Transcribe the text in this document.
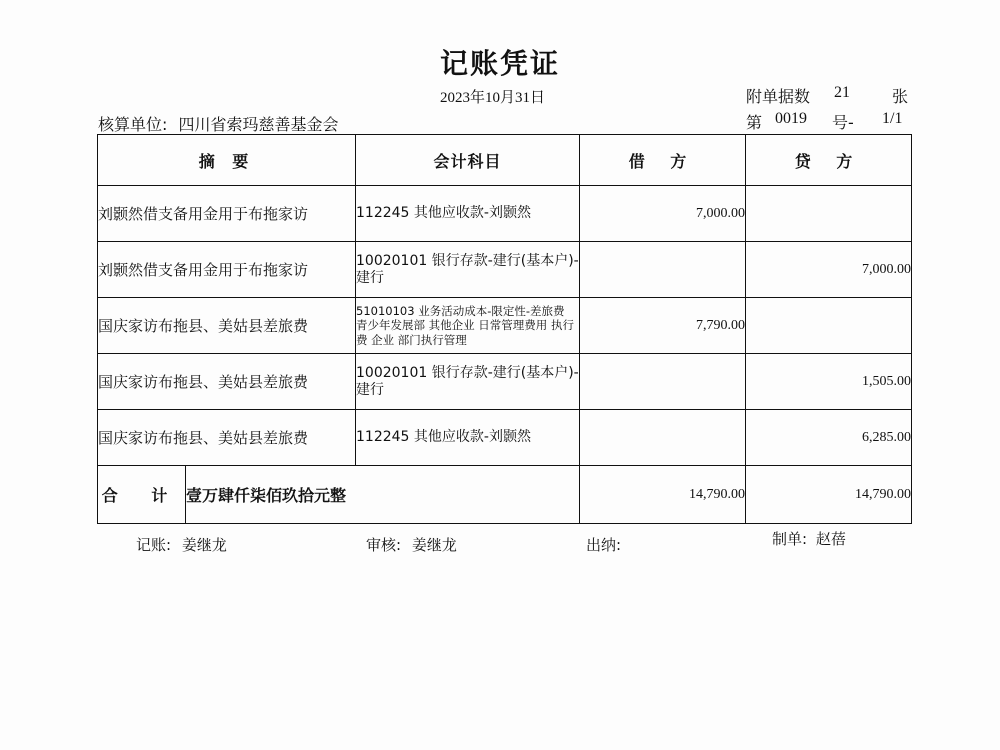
记账凭证
2023年10月31日	附单据数 21	张
核算单位: 四川省索玛慈善基金会	第 0019 号- 1/1
摘 要		会计科目	借 方	贷 方
刘颢然借支备用金用于布拖家访		112245 其他应收款-刘颢然	7,000.00	
刘颢然借支备用金用于布拖家访		10020101 银行存款-建行(基本户)-建行		7,000.00
国庆家访布拖县、美姑县差旅费		51010103 业务活动成本-限定性-差旅费 青少年发展部 其他企业 日常管理费用 执行费 企业 部门执行管理	7,790.00	
国庆家访布拖县、美姑县差旅费		10020101 银行存款-建行(基本户)-建行		1,505.00
国庆家访布拖县、美姑县差旅费		112245 其他应收款-刘颢然		6,285.00
合 计	壹万肆仟柒佰玖拾元整		14,790.00	14,790.00
记账: 姜继龙	审核: 姜继龙	出纳:	制单: 赵蓓
